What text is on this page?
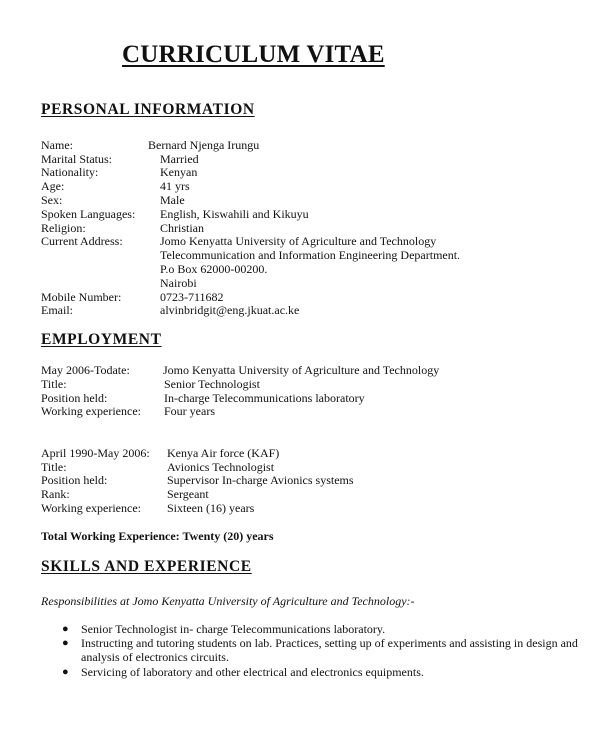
CURRICULUM VITAE
PERSONAL INFORMATION
Name:	Bernard Njenga Irungu
Marital Status:	Married
Nationality:	Kenyan
Age:	41 yrs
Sex:	Male
Spoken Languages: English, Kiswahili and Kikuyu
Religion:	Christian
Current Address:	Jomo Kenyatta University of Agriculture and Technology
Telecommunication and Information Engineering Department.
P.o Box 62000-00200.
Nairobi
Mobile Number:	0723-711682
Email:	alvinbridgit@eng.jkuat.ac.ke
EMPLOYMENT
May 2006-Todate:	Jomo Kenyatta University of Agriculture and Technology
Title:	Senior Technologist
Position held:	In-charge Telecommunications laboratory
Working experience: Four years
April 1990-May 2006: Kenya Air force (KAF)
Title:	Avionics Technologist
Position held:	Supervisor In-charge Avionics systems
Rank:	Sergeant
Working experience: Sixteen (16) years
Total Working Experience: Twenty (20) years
SKILLS AND EXPERIENCE
Responsibilities at Jomo Kenyatta University of Agriculture and Technology:-
● Senior Technologist in- charge Telecommunications laboratory.
● Instructing and tutoring students on lab. Practices, setting up of experiments and assisting in design and analysis of electronics circuits.
● Servicing of laboratory and other electrical and electronics equipments.
